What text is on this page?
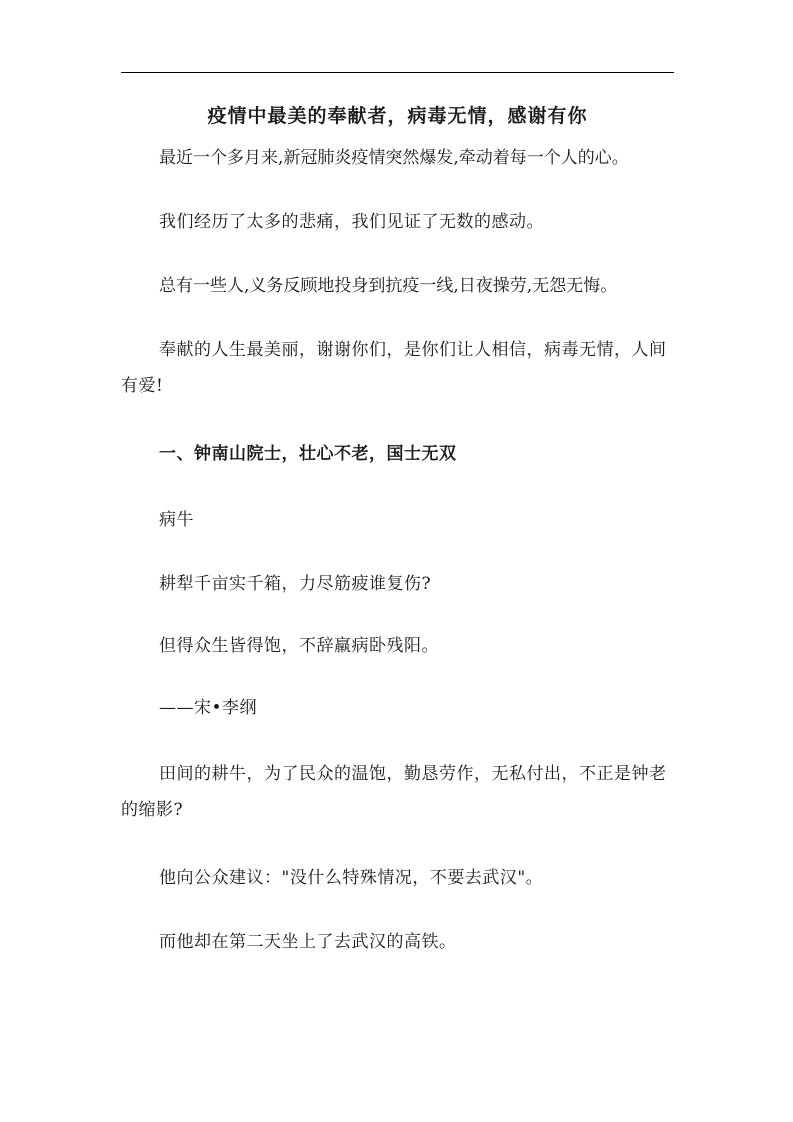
疫情中最美的奉献者，病毒无情，感谢有你

最近一个多月来,新冠肺炎疫情突然爆发,牵动着每一个人的心。

我们经历了太多的悲痛，我们见证了无数的感动。

总有一些人,义务反顾地投身到抗疫一线,日夜操劳,无怨无悔。

奉献的人生最美丽，谢谢你们，是你们让人相信，病毒无情，人间有爱!

一、钟南山院士，壮心不老，国士无双

病牛

耕犁千亩实千箱，力尽筋疲谁复伤?

但得众生皆得饱，不辞羸病卧残阳。

——宋•李纲

田间的耕牛，为了民众的温饱，勤恳劳作，无私付出，不正是钟老的缩影?

他向公众建议："没什么特殊情况，不要去武汉"。

而他却在第二天坐上了去武汉的高铁。
